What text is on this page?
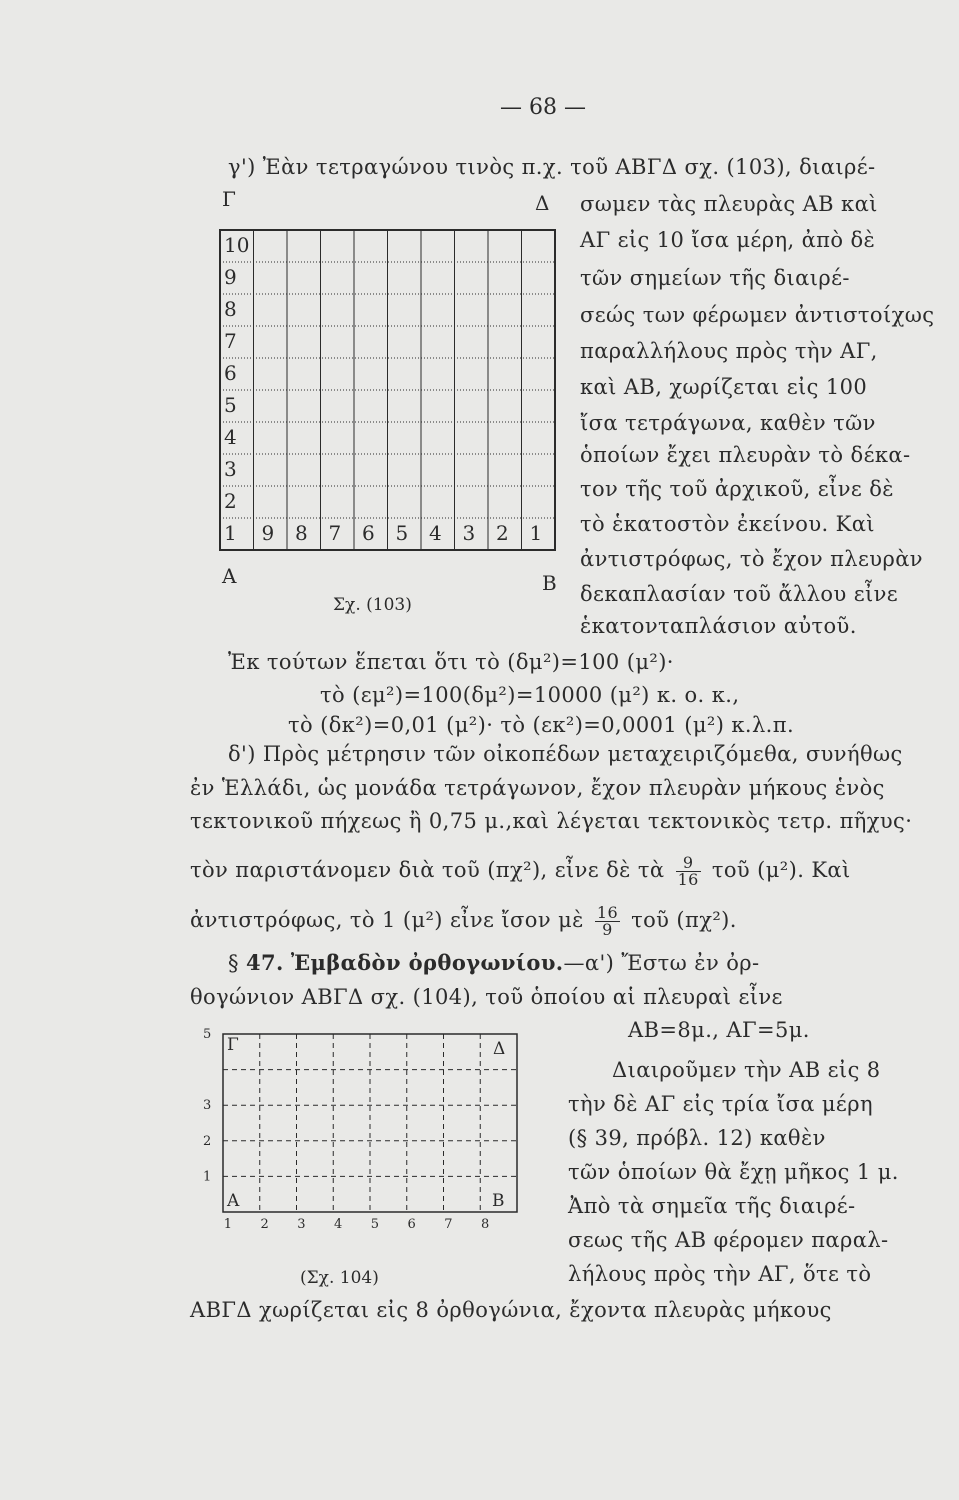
— 68 —
γ') Ἐὰν τετραγώνου τινὸς π.χ. τοῦ ΑΒΓΔ σχ. (103), διαιρέ-
Γ	Δ
Α	Β
Σχ. (103)
10
9
8
7
6
5
4
3
2
1 9 8 7 6 5 4 3 2 1
σωμεν τὰς πλευρὰς ΑΒ καὶ
ΑΓ εἰς 10 ἴσα μέρη, ἀπὸ δὲ
τῶν σημείων τῆς διαιρέ-
σεώς των φέρωμεν ἀντιστοίχως
παραλλήλους πρὸς τὴν ΑΓ,
καὶ ΑΒ, χωρίζεται εἰς 100
ἴσα τετράγωνα, καθὲν τῶν
ὁποίων ἔχει πλευρὰν τὸ δέκα-
τον τῆς τοῦ ἀρχικοῦ, εἶνε δὲ
τὸ ἑκατοστὸν ἐκείνου. Καὶ
ἀντιστρόφως, τὸ ἔχον πλευρὰν
δεκαπλασίαν τοῦ ἄλλου εἶνε
ἑκατονταπλάσιον αὐτοῦ.
Ἐκ τούτων ἕπεται ὅτι τὸ (δμ²)=100 (μ²)·
τὸ (εμ²)=100(δμ²)=10000 (μ²) κ. ο. κ.,
τὸ (δκ²)=0,01 (μ²)· τὸ (εκ²)=0,0001 (μ²) κ.λ.π.
δ') Πρὸς μέτρησιν τῶν οἰκοπέδων μεταχειριζόμεθα, συνήθως
ἐν Ἑλλάδι, ὡς μονάδα τετράγωνον, ἔχον πλευρὰν μήκους ἑνὸς
τεκτονικοῦ πήχεως ἢ 0,75 μ.,καὶ λέγεται τεκτονικὸς τετρ. πῆχυς·
τὸν παριστάνομεν διὰ τοῦ (πχ²), εἶνε δὲ τὰ $\frac{9}{16}$ τοῦ (μ²). Καὶ
ἀντιστρόφως, τὸ 1 (μ²) εἶνε ἴσον μὲ $\frac{16}{9}$ τοῦ (πχ²).
§ 47. Ἐμβαδὸν ὀρθογωνίου.—α') Ἔστω ἐν ὀρ-
θογώνιον ΑΒΓΔ σχ. (104), τοῦ ὁποίου αἱ πλευραὶ εἶνε
ΑΒ=8μ., ΑΓ=5μ.
Γ	Δ
Α	Β
(Σχ. 104)
5
3
2
1
1 2 3 4 5 6 7 8
Διαιροῦμεν τὴν ΑΒ εἰς 8
τὴν δὲ ΑΓ εἰς τρία ἴσα μέρη
(§ 39, πρόβλ. 12) καθὲν
τῶν ὁποίων θὰ ἔχῃ μῆκος 1 μ.
Ἀπὸ τὰ σημεῖα τῆς διαιρέ-
σεως τῆς ΑΒ φέρομεν παραλ-
λήλους πρὸς τὴν ΑΓ, ὅτε τὸ
ΑΒΓΔ χωρίζεται εἰς 8 ὀρθογώνια, ἔχοντα πλευρὰς μήκους
